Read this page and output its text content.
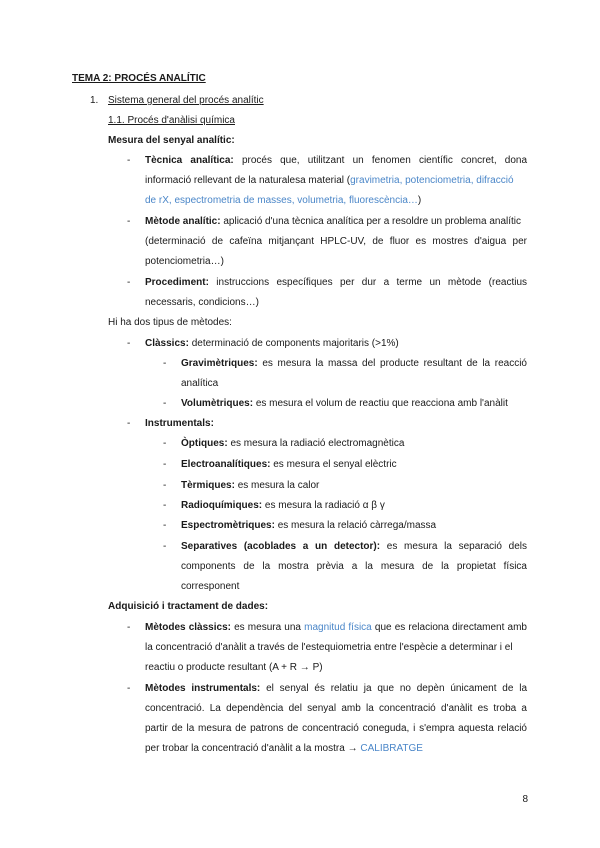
TEMA 2: PROCÉS ANALÍTIC
1. Sistema general del procés analític
1.1. Procés d'anàlisi química
Mesura del senyal analític:
- Tècnica analítica: procés que, utilitzant un fenomen científic concret, dona
informació rellevant de la naturalesa material (gravimetria, potenciometria, difracció
de rX, espectrometria de masses, volumetria, fluorescència…)
- Mètode analític: aplicació d'una tècnica analítica per a resoldre un problema analític
(determinació de cafeïna mitjançant HPLC-UV, de fluor es mostres d'aigua per
potenciometria…)
- Procediment: instruccions específiques per dur a terme un mètode (reactius
necessaris, condicions…)
Hi ha dos tipus de mètodes:
- Clàssics: determinació de components majoritaris (>1%)
- Gravimètriques: es mesura la massa del producte resultant de la reacció
analítica
- Volumètriques: es mesura el volum de reactiu que reacciona amb l'anàlit
- Instrumentals:
- Òptiques: es mesura la radiació electromagnètica
- Electroanalítiques: es mesura el senyal elèctric
- Tèrmiques: es mesura la calor
- Radioquímiques: es mesura la radiació α β γ
- Espectromètriques: es mesura la relació càrrega/massa
- Separatives (acoblades a un detector): es mesura la separació dels
components de la mostra prèvia a la mesura de la propietat física
corresponent
Adquisició i tractament de dades:
- Mètodes clàssics: es mesura una magnitud física que es relaciona directament amb
la concentració d'anàlit a través de l'estequiometria entre l'espècie a determinar i el
reactiu o producte resultant (A + R → P)
- Mètodes instrumentals: el senyal és relatiu ja que no depèn únicament de la
concentració. La dependència del senyal amb la concentració d'anàlit es troba a
partir de la mesura de patrons de concentració coneguda, i s'empra aquesta relació
per trobar la concentració d'anàlit a la mostra → CALIBRATGE
8
